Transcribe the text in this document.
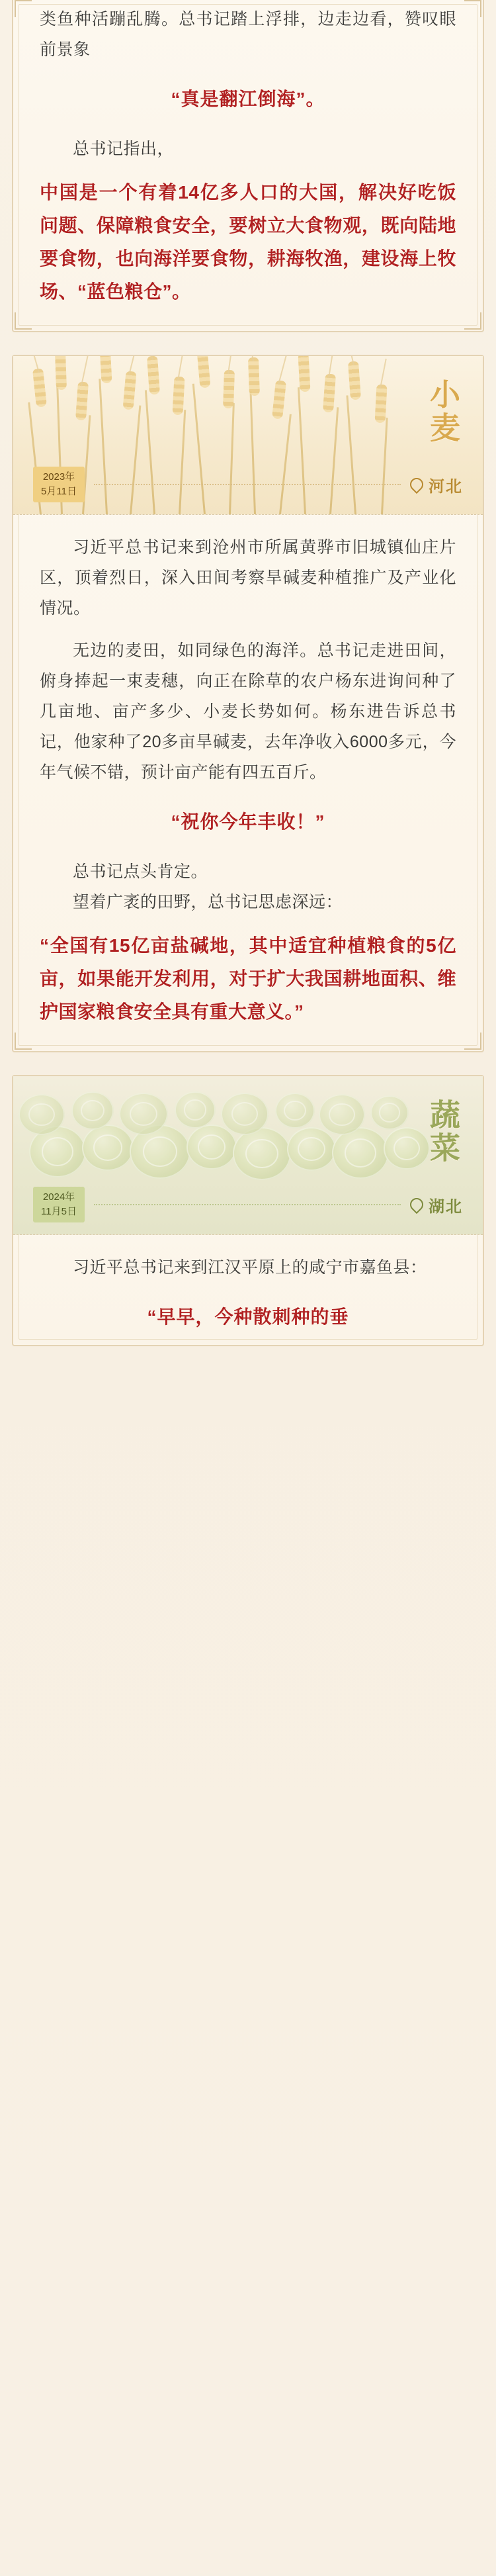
类鱼种活蹦乱腾。总书记踏上浮排，边走边看，赞叹眼前景象

“真是翻江倒海”。

总书记指出，

中国是一个有着14亿多人口的大国，解决好吃饭问题、保障粮食安全，要树立大食物观，既向陆地要食物，也向海洋要食物，耕海牧渔，建设海上牧场、“蓝色粮仓”。

小麦
2023年
5月11日	河北

习近平总书记来到沧州市所属黄骅市旧城镇仙庄片区，顶着烈日，深入田间考察旱碱麦种植推广及产业化情况。

无边的麦田，如同绿色的海洋。总书记走进田间，俯身捧起一束麦穗，向正在除草的农户杨东进询问种了几亩地、亩产多少、小麦长势如何。杨东进告诉总书记，他家种了20多亩旱碱麦，去年净收入6000多元，今年气候不错，预计亩产能有四五百斤。

“祝你今年丰收！”

总书记点头肯定。

望着广袤的田野，总书记思虑深远：

“全国有15亿亩盐碱地，其中适宜种植粮食的5亿亩，如果能开发利用，对于扩大我国耕地面积、维护国家粮食安全具有重大意义。”

蔬菜
2024年
11月5日	湖北

习近平总书记来到江汉平原上的咸宁市嘉鱼县：

“早早，今种散刺种的垂
